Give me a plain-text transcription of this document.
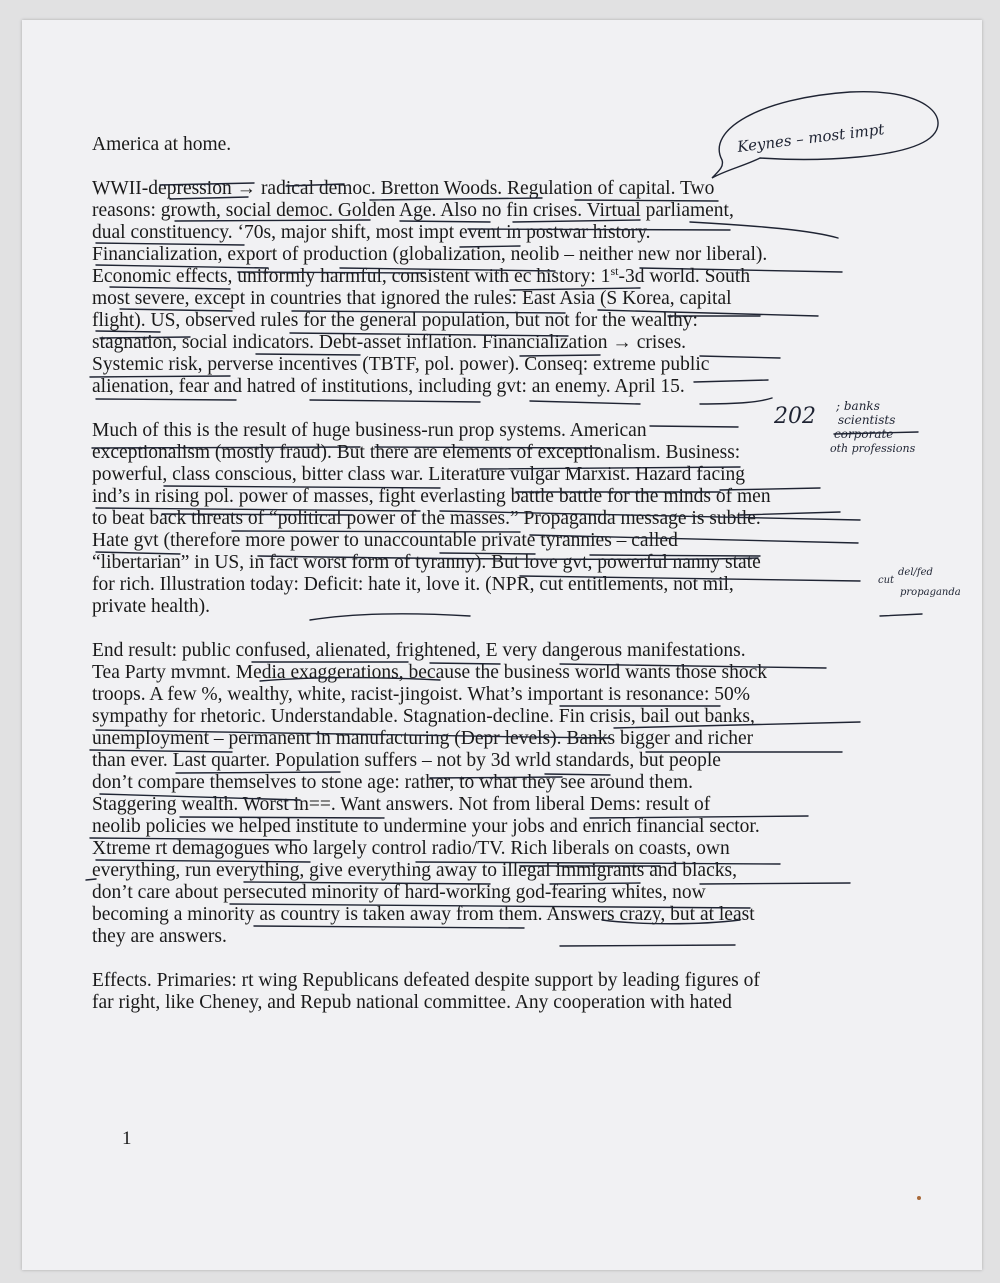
America at home.
WWII-depression → radical democ. Bretton Woods. Regulation of capital. Two
reasons: growth, social democ. Golden Age. Also no fin crises. Virtual parliament,
dual constituency. ‘70s, major shift, most impt event in postwar history.
Financialization, export of production (globalization, neolib – neither new nor liberal).
Economic effects, uniformly harmful, consistent with ec history: 1st-3d world. South
most severe, except in countries that ignored the rules: East Asia (S Korea, capital
flight). US, observed rules for the general population, but not for the wealthy:
stagnation, social indicators. Debt-asset inflation. Financialization → crises.
Systemic risk, perverse incentives (TBTF, pol. power). Conseq: extreme public
alienation, fear and hatred of institutions, including gvt: an enemy. April 15.
Much of this is the result of huge business-run prop systems. American
exceptionalism (mostly fraud). But there are elements of exceptionalism. Business:
powerful, class conscious, bitter class war. Literature vulgar Marxist. Hazard facing
ind’s in rising pol. power of masses, fight everlasting battle battle for the minds of men
to beat back threats of “political power of the masses.” Propaganda message is subtle.
Hate gvt (therefore more power to unaccountable private tyrannies – called
“libertarian” in US, in fact worst form of tyranny). But love gvt, powerful nanny state
for rich. Illustration today: Deficit: hate it, love it. (NPR, cut entitlements, not mil,
private health).
End result: public confused, alienated, frightened, E very dangerous manifestations.
Tea Party mvmnt. Media exaggerations, because the business world wants those shock
troops. A few %, wealthy, white, racist-jingoist. What’s important is resonance: 50%
sympathy for rhetoric. Understandable. Stagnation-decline. Fin crisis, bail out banks,
unemployment – permanent in manufacturing (Depr levels). Banks bigger and richer
than ever. Last quarter. Population suffers – not by 3d wrld standards, but people
don’t compare themselves to stone age: rather, to what they see around them.
Staggering wealth. Worst in==. Want answers. Not from liberal Dems: result of
neolib policies we helped institute to undermine your jobs and enrich financial sector.
Xtreme rt demagogues who largely control radio/TV. Rich liberals on coasts, own
everything, run everything, give everything away to illegal immigrants and blacks,
don’t care about persecuted minority of hard-working god-fearing whites, now
becoming a minority as country is taken away from them. Answers crazy, but at least
they are answers.
Effects. Primaries: rt wing Republicans defeated despite support by leading figures of
far right, like Cheney, and Repub national committee. Any cooperation with hated
1
Keynes – most impt
202 ; banks
scientists
corporate
oth professions
cut
del/fed
propaganda
